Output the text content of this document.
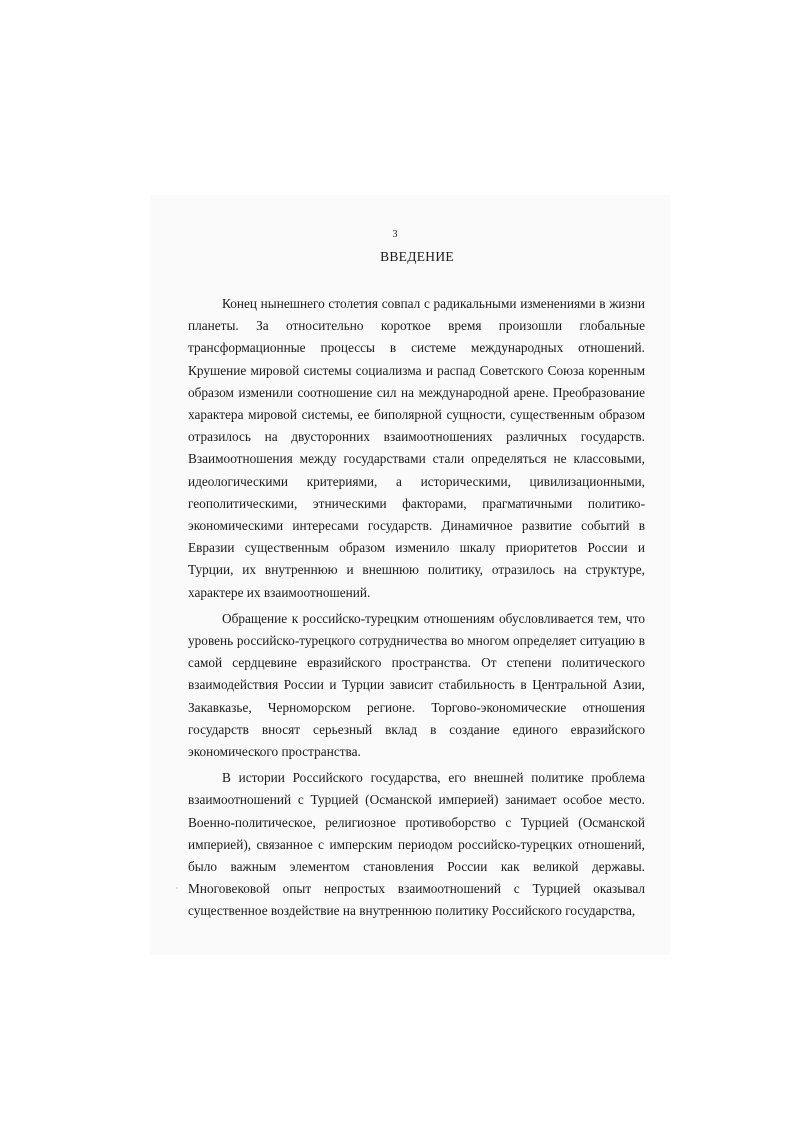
3
ВВЕДЕНИЕ

Конец нынешнего столетия совпал с радикальными изменениями в жизни планеты. За относительно короткое время произошли глобальные трансформационные процессы в системе международных отношений. Крушение мировой системы социализма и распад Советского Союза коренным образом изменили соотношение сил на международной арене. Преобразование характера мировой системы, ее биполярной сущности, существенным образом отразилось на двусторонних взаимоотношениях различных государств. Взаимоотношения между государствами стали определяться не классовыми, идеологическими критериями, а историческими, цивилизационными, геополитическими, этническими факторами, прагматичными политико-экономическими интересами государств. Динамичное развитие событий в Евразии существенным образом изменило шкалу приоритетов России и Турции, их внутреннюю и внешнюю политику, отразилось на структуре, характере их взаимоотношений.

Обращение к российско-турецким отношениям обусловливается тем, что уровень российско-турецкого сотрудничества во многом определяет ситуацию в самой сердцевине евразийского пространства. От степени политического взаимодействия России и Турции зависит стабильность в Центральной Азии, Закавказье, Черноморском регионе. Торгово-экономические отношения государств вносят серьезный вклад в создание единого евразийского экономического пространства.

В истории Российского государства, его внешней политике проблема взаимоотношений с Турцией (Османской империей) занимает особое место. Военно-политическое, религиозное противоборство с Турцией (Османской империей), связанное с имперским периодом российско-турецких отношений, было важным элементом становления России как великой державы. Многовековой опыт непростых взаимоотношений с Турцией оказывал существенное воздействие на внутреннюю политику Российского государства,
